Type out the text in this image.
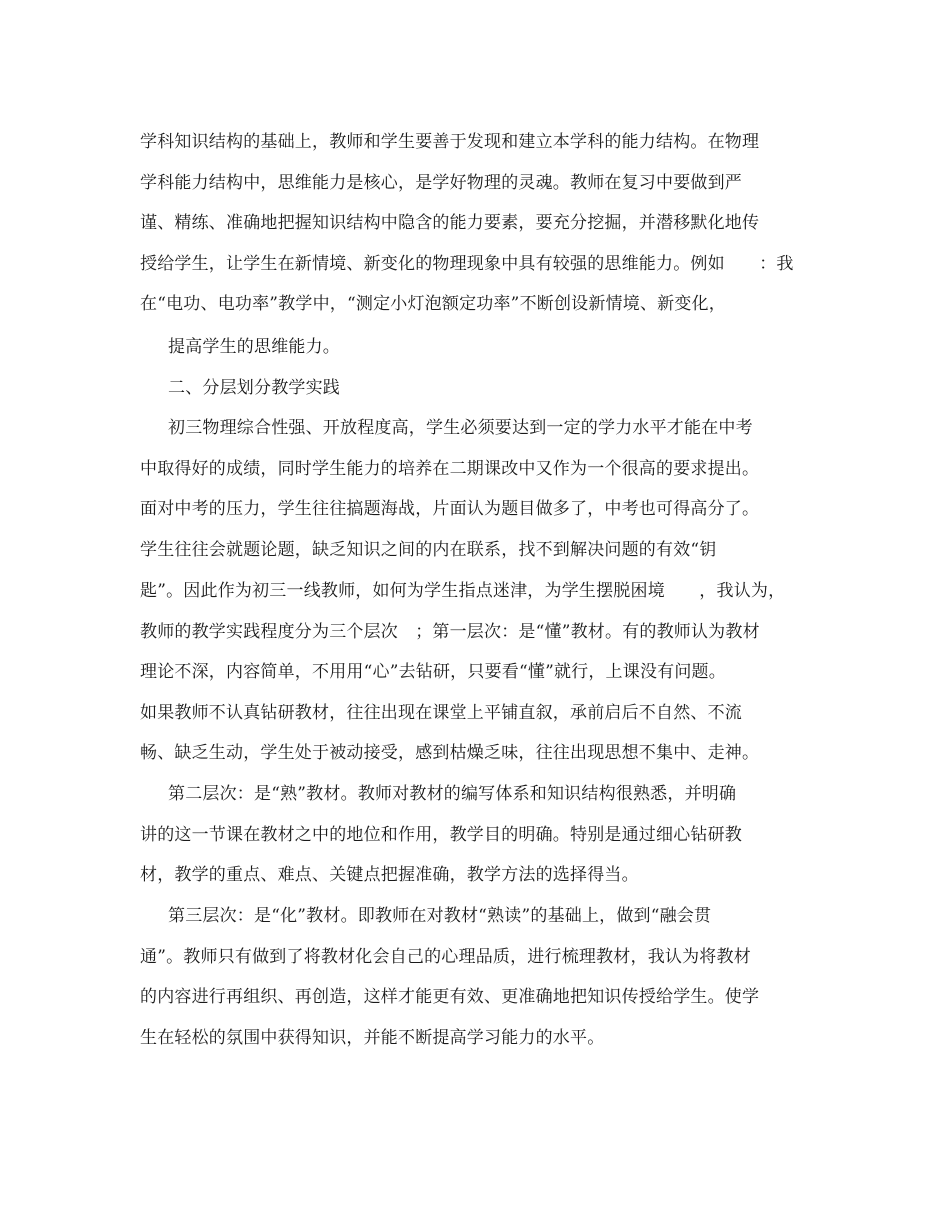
学科知识结构的基础上，教师和学生要善于发现和建立本学科的能力结构。在物理
学科能力结构中，思维能力是核心，是学好物理的灵魂。教师在复习中要做到严
谨、精练、准确地把握知识结构中隐含的能力要素，要充分挖掘，并潜移默化地传
授给学生，让学生在新情境、新变化的物理现象中具有较强的思维能力。例如　　：我
在“电功、电功率”教学中，“测定小灯泡额定功率”不断创设新情境、新变化，
提高学生的思维能力。
二、分层划分教学实践
初三物理综合性强、开放程度高，学生必须要达到一定的学力水平才能在中考
中取得好的成绩，同时学生能力的培养在二期课改中又作为一个很高的要求提出。
面对中考的压力，学生往往搞题海战，片面认为题目做多了，中考也可得高分了。
学生往往会就题论题，缺乏知识之间的内在联系，找不到解决问题的有效“钥
匙”。因此作为初三一线教师，如何为学生指点迷津，为学生摆脱困境　　，我认为，
教师的教学实践程度分为三个层次　；第一层次：是“懂”教材。有的教师认为教材
理论不深，内容简单，不用用“心”去钻研，只要看“懂”就行，上课没有问题。
如果教师不认真钻研教材，往往出现在课堂上平铺直叙，承前启后不自然、不流
畅、缺乏生动，学生处于被动接受，感到枯燥乏味，往往出现思想不集中、走神。
第二层次：是“熟”教材。教师对教材的编写体系和知识结构很熟悉，并明确
讲的这一节课在教材之中的地位和作用，教学目的明确。特别是通过细心钻研教
材，教学的重点、难点、关键点把握准确，教学方法的选择得当。
第三层次：是“化”教材。即教师在对教材“熟读”的基础上，做到“融会贯
通”。教师只有做到了将教材化会自己的心理品质，进行梳理教材，我认为将教材
的内容进行再组织、再创造，这样才能更有效、更准确地把知识传授给学生。使学
生在轻松的氛围中获得知识，并能不断提高学习能力的水平。
